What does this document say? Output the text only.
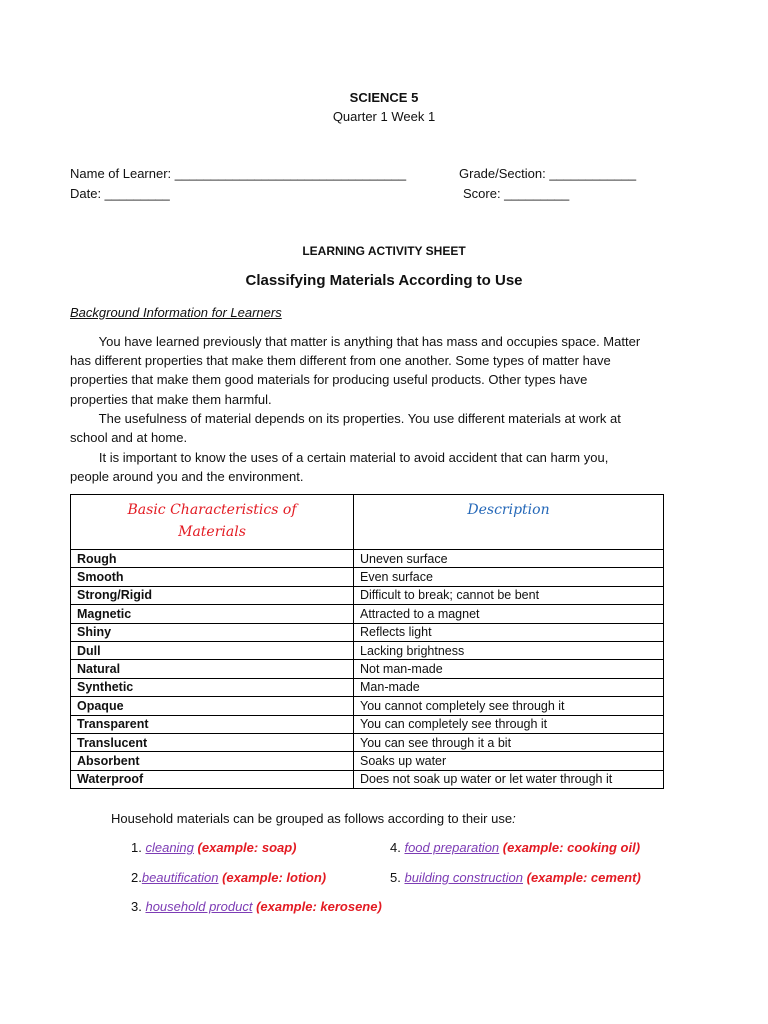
SCIENCE 5
Quarter 1 Week 1
Name of Learner: ________________________________	Grade/Section: ____________
Date: _________	Score: _________
LEARNING ACTIVITY SHEET
Classifying Materials According to Use
Background Information for Learners
You have learned previously that matter is anything that has mass and occupies space. Matter
has different properties that make them different from one another. Some types of matter have
properties that make them good materials for producing useful products. Other types have
properties that make them harmful.
The usefulness of material depends on its properties. You use different materials at work at
school and at home.
It is important to know the uses of a certain material to avoid accident that can harm you,
people around you and the environment.
Basic Characteristics of
Materials	Description

Rough	Uneven surface
Smooth	Even surface
Strong/Rigid	Difficult to break; cannot be bent
Magnetic	Attracted to a magnet
Shiny	Reflects light
Dull	Lacking brightness
Natural	Not man-made
Synthetic	Man-made
Opaque	You cannot completely see through it
Transparent	You can completely see through it
Translucent	You can see through it a bit
Absorbent	Soaks up water
Waterproof	Does not soak up water or let water through it
Household materials can be grouped as follows according to their use:
1. cleaning (example: soap)	4. food preparation (example: cooking oil)
2.beautification (example: lotion)	5. building construction (example: cement)
3. household product (example: kerosene)
